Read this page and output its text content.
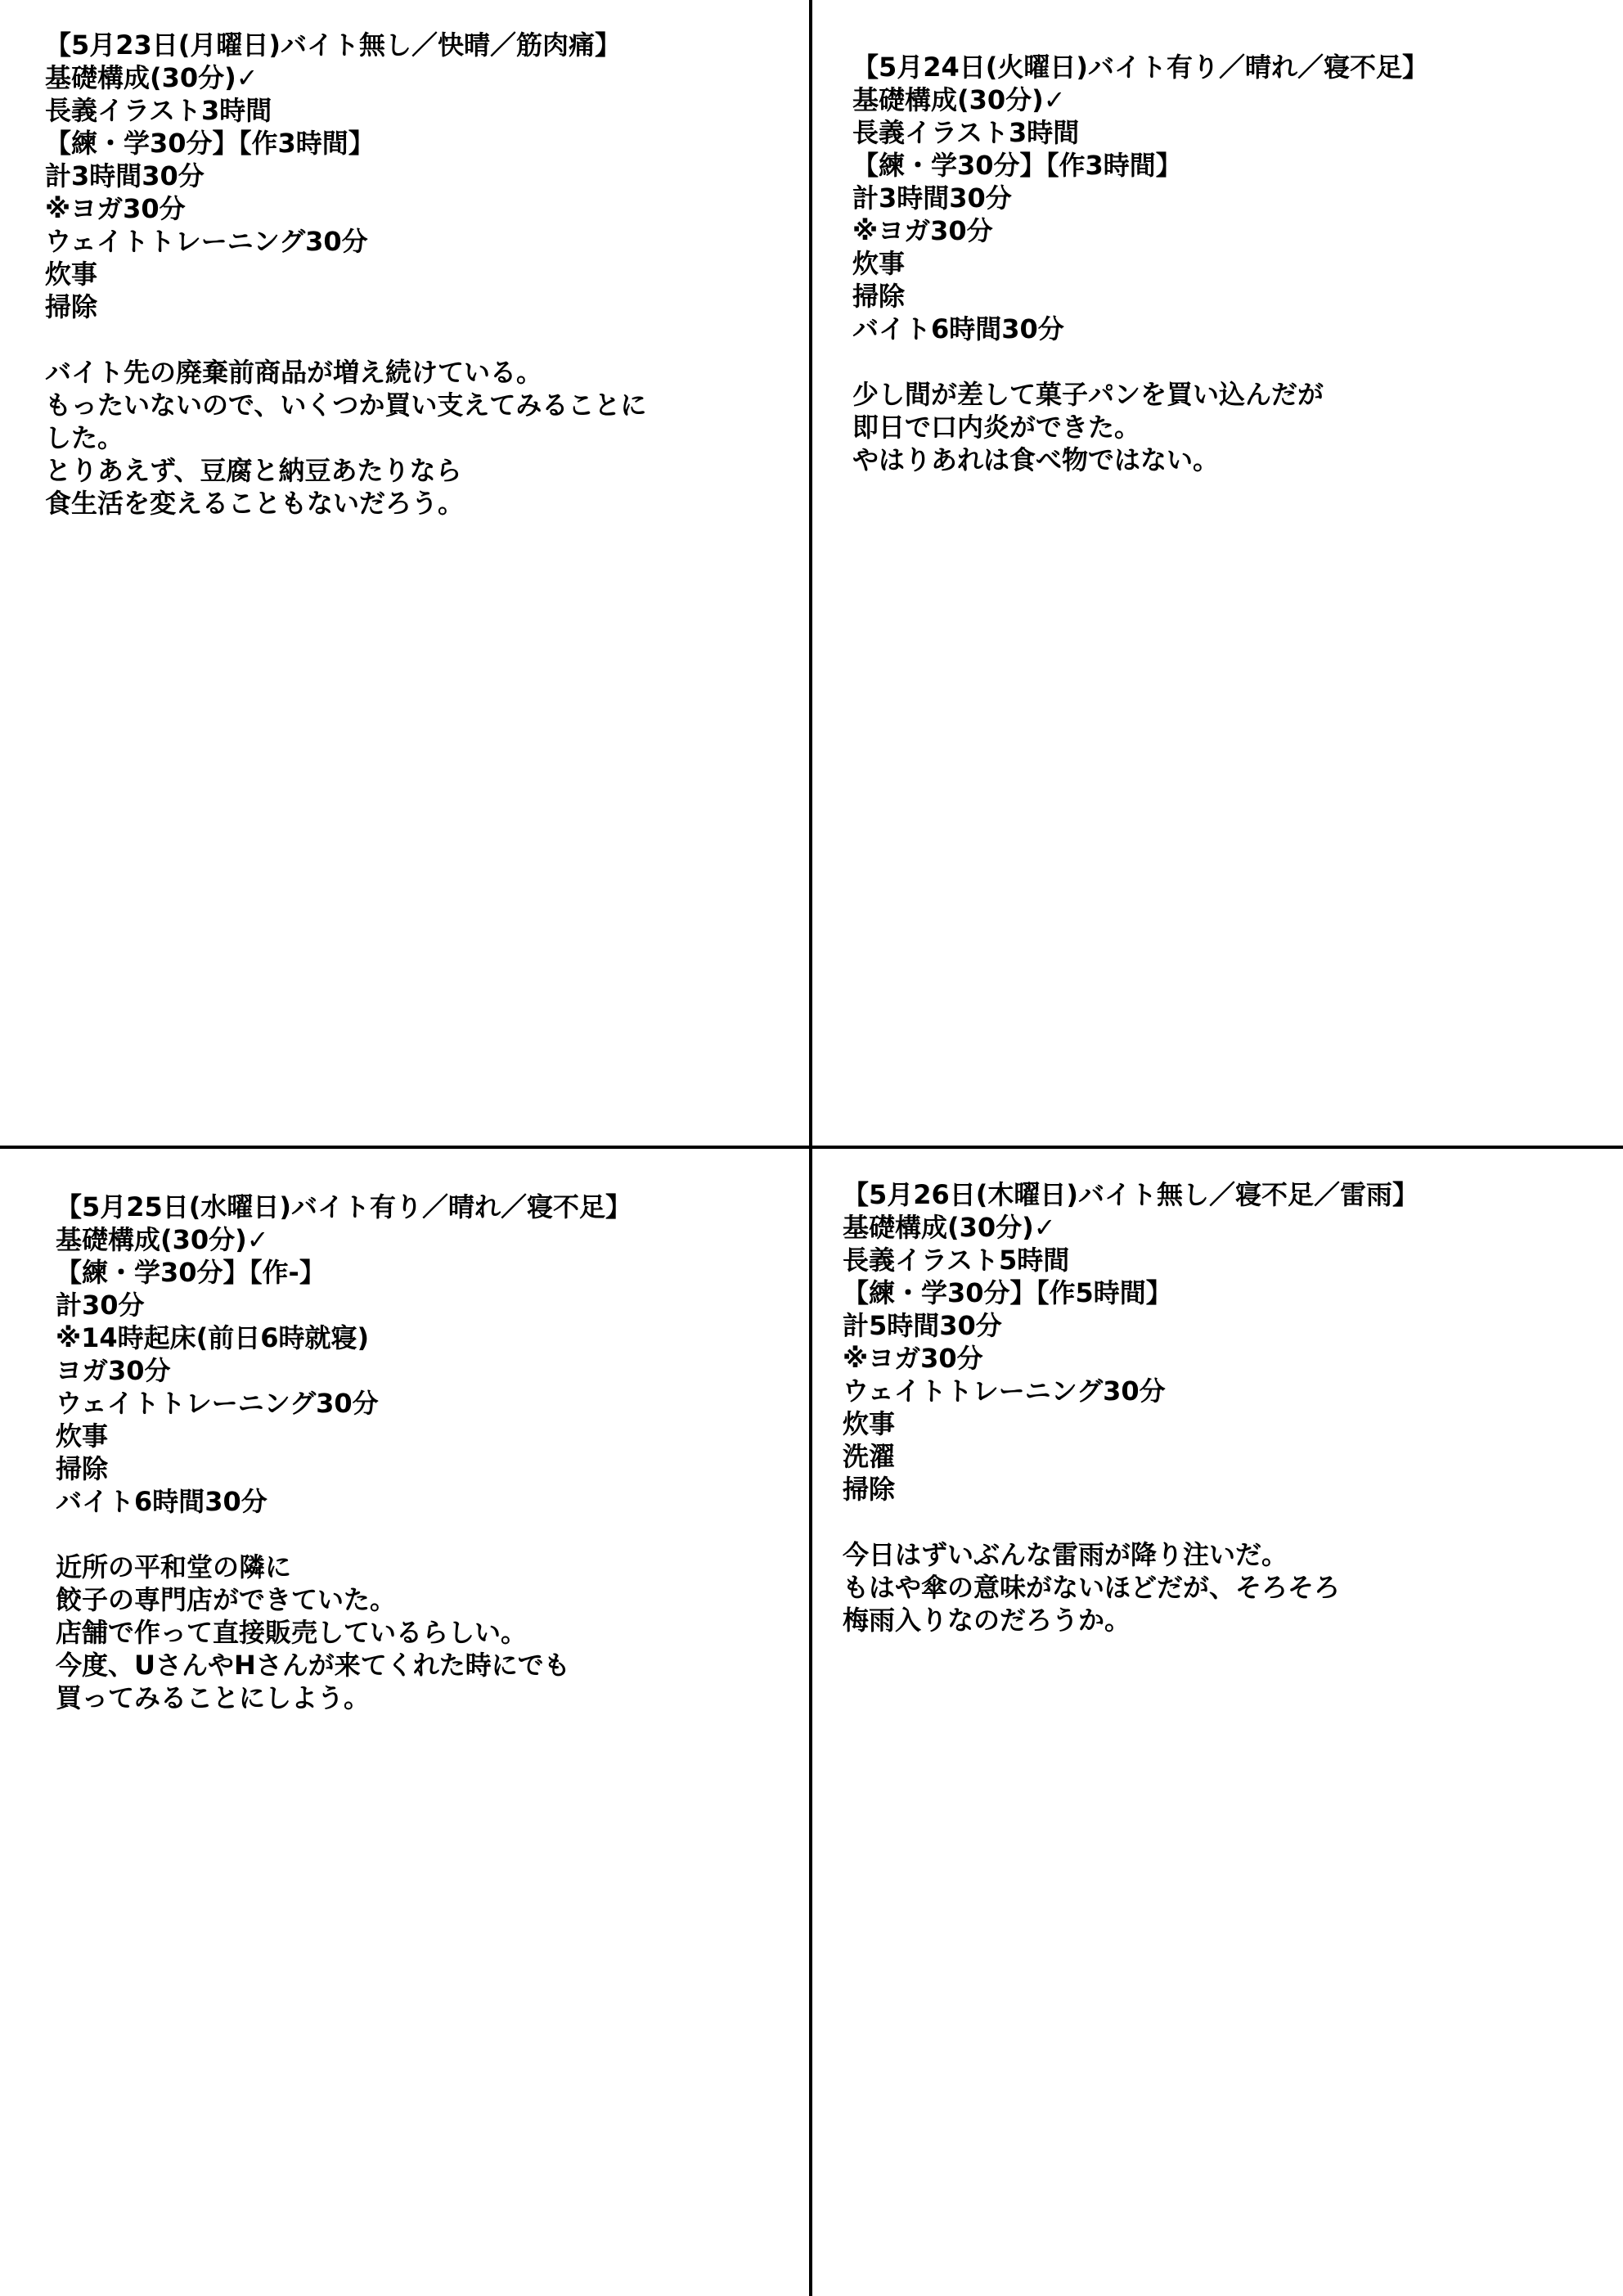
【5月23日(月曜日)バイト無し／快晴／筋肉痛】
基礎構成(30分)✓
長義イラスト3時間
【練・学30分】【作3時間】
計3時間30分
※ヨガ30分
ウェイトトレーニング30分
炊事
掃除
バイト先の廃棄前商品が増え続けている。
もったいないので、いくつか買い支えてみることに
した。
とりあえず、豆腐と納豆あたりなら
食生活を変えることもないだろう。
【5月24日(火曜日)バイト有り／晴れ／寝不足】
基礎構成(30分)✓
長義イラスト3時間
【練・学30分】【作3時間】
計3時間30分
※ヨガ30分
炊事
掃除
バイト6時間30分
少し間が差して菓子パンを買い込んだが
即日で口内炎ができた。
やはりあれは食べ物ではない。
【5月25日(水曜日)バイト有り／晴れ／寝不足】
基礎構成(30分)✓
【練・学30分】【作-】
計30分
※14時起床(前日6時就寝)
ヨガ30分
ウェイトトレーニング30分
炊事
掃除
バイト6時間30分
近所の平和堂の隣に
餃子の専門店ができていた。
店舗で作って直接販売しているらしい。
今度、UさんやHさんが来てくれた時にでも
買ってみることにしよう。
【5月26日(木曜日)バイト無し／寝不足／雷雨】
基礎構成(30分)✓
長義イラスト5時間
【練・学30分】【作5時間】
計5時間30分
※ヨガ30分
ウェイトトレーニング30分
炊事
洗濯
掃除
今日はずいぶんな雷雨が降り注いだ。
もはや傘の意味がないほどだが、そろそろ
梅雨入りなのだろうか。
